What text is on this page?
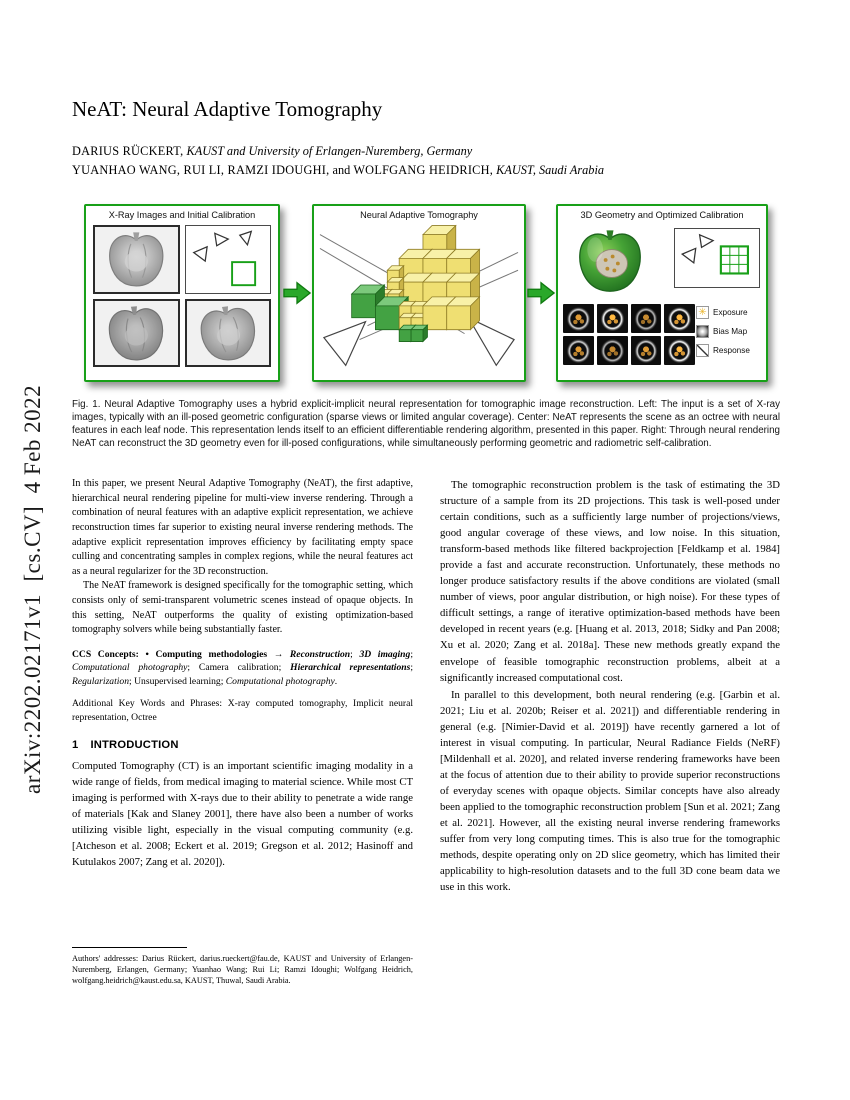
arXiv:2202.02171v1  [cs.CV]  4 Feb 2022
NeAT: Neural Adaptive Tomography
DARIUS RÜCKERT, KAUST and University of Erlangen-Nuremberg, Germany
YUANHAO WANG, RUI LI, RAMZI IDOUGHI, and WOLFGANG HEIDRICH, KAUST, Saudi Arabia
X-Ray Images and Initial Calibration	Neural Adaptive Tomography	3D Geometry and Optimized Calibration
✳ Exposure
Bias Map
Response
Fig. 1. Neural Adaptive Tomography uses a hybrid explicit-implicit neural representation for tomographic image reconstruction. Left: The input is a set of X-ray images, typically with an ill-posed geometric configuration (sparse views or limited angular coverage). Center: NeAT represents the scene as an octree with neural features in each leaf node. This representation lends itself to an efficient differentiable rendering algorithm, presented in this paper. Right: Through neural rendering NeAT can reconstruct the 3D geometry even for ill-posed configurations, while simultaneously performing geometric and radiometric self-calibration.

In this paper, we present Neural Adaptive Tomography (NeAT), the first adaptive, hierarchical neural rendering pipeline for multi-view inverse rendering. Through a combination of neural features with an adaptive explicit representation, we achieve reconstruction times far superior to existing neural inverse rendering methods. The adaptive explicit representation improves efficiency by facilitating empty space culling and concentrating samples in complex regions, while the neural features act as a neural regularizer for the 3D reconstruction.

The NeAT framework is designed specifically for the tomographic setting, which consists only of semi-transparent volumetric scenes instead of opaque objects. In this setting, NeAT outperforms the quality of existing optimization-based tomography solvers while being substantially faster.

CCS Concepts: • Computing methodologies → Reconstruction; 3D imaging; Computational photography; Camera calibration; Hierarchical representations; Regularization; Unsupervised learning; Computational photography.

Additional Key Words and Phrases: X-ray computed tomography, Implicit neural representation, Octree

1 INTRODUCTION

Computed Tomography (CT) is an important scientific imaging modality in a wide range of fields, from medical imaging to material science. While most CT imaging is performed with X-rays due to their ability to penetrate a wide range of materials [Kak and Slaney 2001], there have also been a number of works utilizing visible light, especially in the visual computing community (e.g. [Atcheson et al. 2008; Eckert et al. 2019; Gregson et al. 2012; Hasinoff and Kutulakos 2007; Zang et al. 2020]).

The tomographic reconstruction problem is the task of estimating the 3D structure of a sample from its 2D projections. This task is well-posed under certain conditions, such as a sufficiently large number of projections/views, good angular coverage of these views, and low noise. In this situation, transform-based methods like filtered backprojection [Feldkamp et al. 1984] provide a fast and accurate reconstruction. Unfortunately, these methods no longer produce satisfactory results if the above conditions are violated (small number of views, poor angular distribution, or high noise). For these types of difficult settings, a range of iterative optimization-based methods have been developed in recent years (e.g. [Huang et al. 2013, 2018; Sidky and Pan 2008; Xu et al. 2020; Zang et al. 2018a]. These new methods greatly expand the envelope of feasible tomographic reconstruction problems, albeit at a significantly increased computational cost.

In parallel to this development, both neural rendering (e.g. [Garbin et al. 2021; Liu et al. 2020b; Reiser et al. 2021]) and differentiable rendering in general (e.g. [Nimier-David et al. 2019]) have recently garnered a lot of interest in visual computing. In particular, Neural Radiance Fields (NeRF) [Mildenhall et al. 2020], and related inverse rendering frameworks have been at the focus of attention due to their ability to provide superior reconstructions of everyday scenes with opaque objects. Similar concepts have also already been applied to the tomographic reconstruction problem [Sun et al. 2021; Zang et al. 2021]. However, all the existing neural inverse rendering frameworks suffer from very long computing times. This is also true for the tomographic methods, despite operating only on 2D slice geometry, which has limited their applicability to high-resolution datasets and to the full 3D cone beam data we use in this work.

Authors' addresses: Darius Rückert, darius.rueckert@fau.de, KAUST and University of Erlangen-Nuremberg, Erlangen, Germany; Yuanhao Wang; Rui Li; Ramzi Idoughi; Wolfgang Heidrich, wolfgang.heidrich@kaust.edu.sa, KAUST, Thuwal, Saudi Arabia.
